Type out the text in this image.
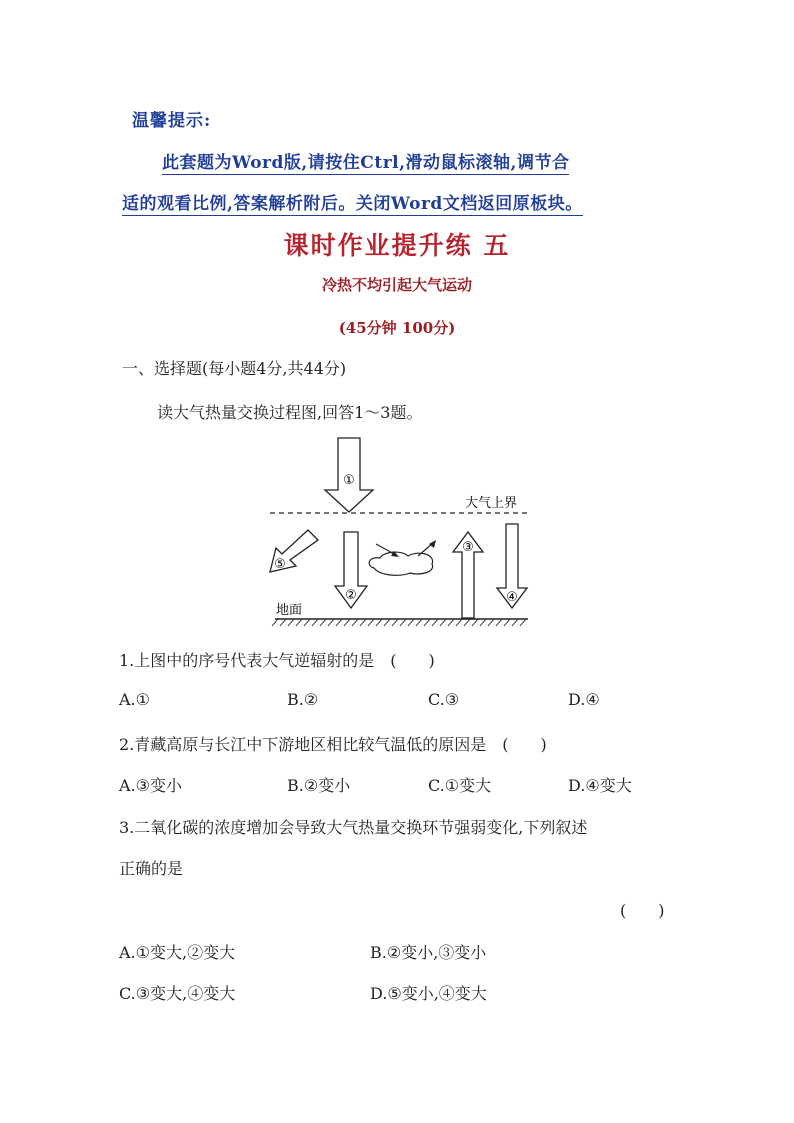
温馨提示:
此套题为Word版,请按住Ctrl,滑动鼠标滚轴,调节合
适的观看比例,答案解析附后。关闭Word文档返回原板块。
课时作业提升练 五
冷热不均引起大气运动
(45分钟 100分)
一、选择题(每小题4分,共44分)
读大气热量交换过程图,回答1～3题。
大气上界
地面
①
②
⑤
③
④
1.上图中的序号代表大气逆辐射的是　(　　)
A.①	B.②	C.③	D.④
2.青藏高原与长江中下游地区相比较气温低的原因是　(　　)
A.③变小	B.②变小	C.①变大	D.④变大
3.二氧化碳的浓度增加会导致大气热量交换环节强弱变化,下列叙述
正确的是
(　　)
A.①变大,②变大	B.②变小,③变小
C.③变大,④变大	D.⑤变小,④变大
